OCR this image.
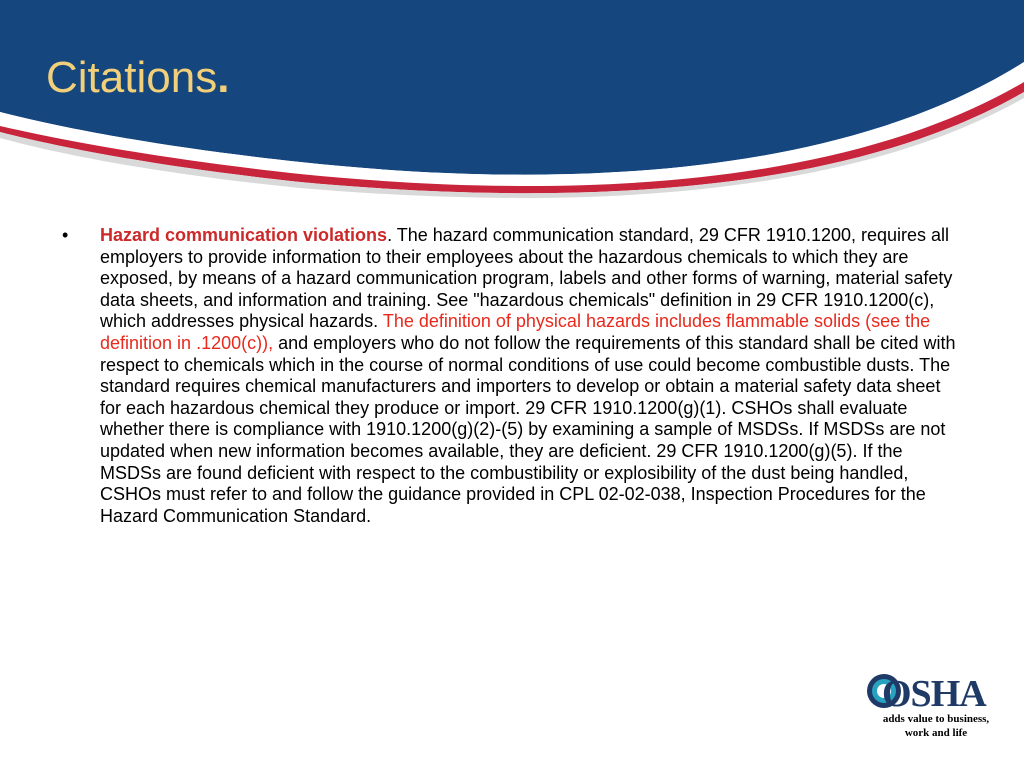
Citations.
• Hazard communication violations. The hazard communication standard, 29 CFR 1910.1200, requires all employers to provide information to their employees about the hazardous chemicals to which they are exposed, by means of a hazard communication program, labels and other forms of warning, material safety data sheets, and information and training. See "hazardous chemicals" definition in 29 CFR 1910.1200(c), which addresses physical hazards. The definition of physical hazards includes flammable solids (see the definition in .1200(c)), and employers who do not follow the requirements of this standard shall be cited with respect to chemicals which in the course of normal conditions of use could become combustible dusts. The standard requires chemical manufacturers and importers to develop or obtain a material safety data sheet for each hazardous chemical they produce or import. 29 CFR 1910.1200(g)(1). CSHOs shall evaluate whether there is compliance with 1910.1200(g)(2)-(5) by examining a sample of MSDSs. If MSDSs are not updated when new information becomes available, they are deficient. 29 CFR 1910.1200(g)(5). If the MSDSs are found deficient with respect to the combustibility or explosibility of the dust being handled, CSHOs must refer to and follow the guidance provided in CPL 02-02-038, Inspection Procedures for the Hazard Communication Standard.
OSHA
adds value to business, work and life
